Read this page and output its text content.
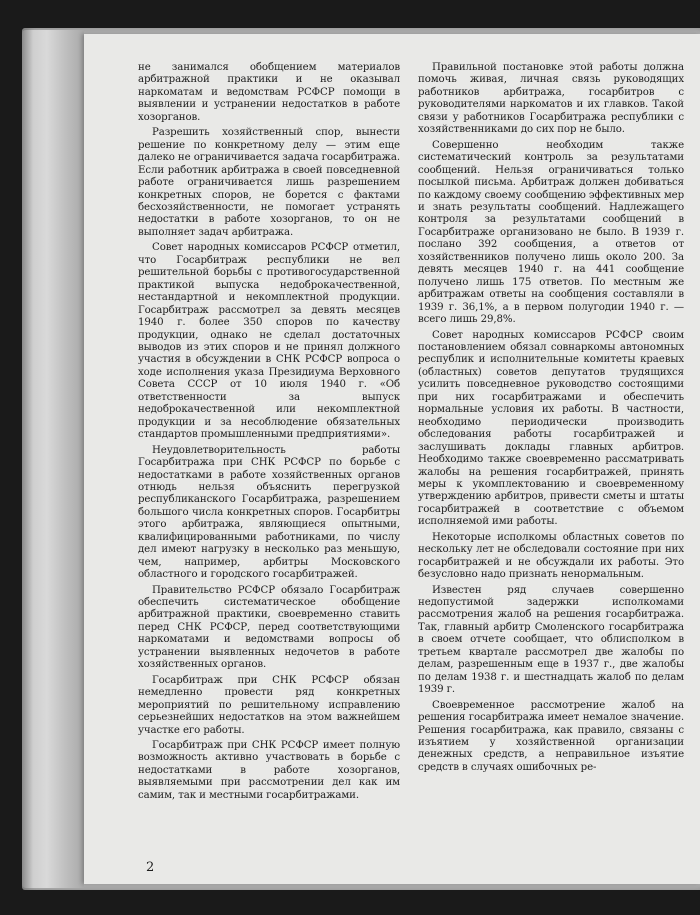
не занимался обобщением материалов арбитражной практики и не оказывал наркоматам и ведомствам РСФСР помощи в выявлении и устранении недостатков в работе хозорганов.

Разрешить хозяйственный спор, вынести решение по конкретному делу — этим еще далеко не ограничивается задача госарбитража. Если работник арбитража в своей повседневной работе ограничивается лишь разрешением конкретных споров, не борется с фактами бесхозяйственности, не помогает устранять недостатки в работе хозорганов, то он не выполняет задач арбитража.

Совет народных комиссаров РСФСР отметил, что Госарбитраж республики не вел решительной борьбы с противогосударственной практикой выпуска недоброкачественной, нестандартной и некомплектной продукции. Госарбитраж рассмотрел за девять месяцев 1940 г. более 350 споров по качеству продукции, однако не сделал достаточных выводов из этих споров и не принял должного участия в обсуждении в СНК РСФСР вопроса о ходе исполнения указа Президиума Верховного Совета СССР от 10 июля 1940 г. «Об ответственности за выпуск недоброкачественной или некомплектной продукции и за несоблюдение обязательных стандартов промышленными предприятиями».

Неудовлетворительность работы Госарбитража при СНК РСФСР по борьбе с недостатками в работе хозяйственных органов отнюдь нельзя объяснить перегрузкой республиканского Госарбитража, разрешением большого числа конкретных споров. Госарбитры этого арбитража, являющиеся опытными, квалифицированными работниками, по числу дел имеют нагрузку в несколько раз меньшую, чем, например, арбитры Московского областного и городского госарбитражей.

Правительство РСФСР обязало Госарбитраж обеспечить систематическое обобщение арбитражной практики, своевременно ставить перед СНК РСФСР, перед соответствующими наркоматами и ведомствами вопросы об устранении выявленных недочетов в работе хозяйственных органов.

Госарбитраж при СНК РСФСР обязан немедленно провести ряд конкретных мероприятий по решительному исправлению серьезнейших недостатков на этом важнейшем участке его работы.

Госарбитраж при СНК РСФСР имеет полную возможность активно участвовать в борьбе с недостатками в работе хозорганов, выявляемыми при рассмотрении дел как им самим, так и местными госарбитражами.

Правильной постановке этой работы должна помочь живая, личная связь руководящих работников арбитража, госарбитров с руководителями наркоматов и их главков. Такой связи у работников Госарбитража республики с хозяйственниками до сих пор не было.

Совершенно необходим также систематический контроль за результатами сообщений. Нельзя ограничиваться только посылкой письма. Арбитраж должен добиваться по каждому своему сообщению эффективных мер и знать результаты сообщений. Надлежащего контроля за результатами сообщений в Госарбитраже организовано не было. В 1939 г. послано 392 сообщения, а ответов от хозяйственников получено лишь около 200. За девять месяцев 1940 г. на 441 сообщение получено лишь 175 ответов. По местным же арбитражам ответы на сообщения составляли в 1939 г. 36,1%, а в первом полугодии 1940 г. — всего лишь 29,8%.

Совет народных комиссаров РСФСР своим постановлением обязал совнаркомы автономных республик и исполнительные комитеты краевых (областных) советов депутатов трудящихся усилить повседневное руководство состоящими при них госарбитражами и обеспечить нормальные условия их работы. В частности, необходимо периодически производить обследования работы госарбитражей и заслушивать доклады главных арбитров. Необходимо также своевременно рассматривать жалобы на решения госарбитражей, принять меры к укомплектованию и своевременному утверждению арбитров, привести сметы и штаты госарбитражей в соответствие с объемом исполняемой ими работы.

Некоторые исполкомы областных советов по нескольку лет не обследовали состояние при них госарбитражей и не обсуждали их работы. Это безусловно надо признать ненормальным.

Известен ряд случаев совершенно недопустимой задержки исполкомами рассмотрения жалоб на решения госарбитража. Так, главный арбитр Смоленского госарбитража в своем отчете сообщает, что облисполком в третьем квартале рассмотрел две жалобы по делам, разрешенным еще в 1937 г., две жалобы по делам 1938 г. и шестнадцать жалоб по делам 1939 г.

Своевременное рассмотрение жалоб на решения госарбитража имеет немалое значение. Решения госарбитража, как правило, связаны с изъятием у хозяйственной организации денежных средств, а неправильное изъятие средств в случаях ошибочных ре-

2
